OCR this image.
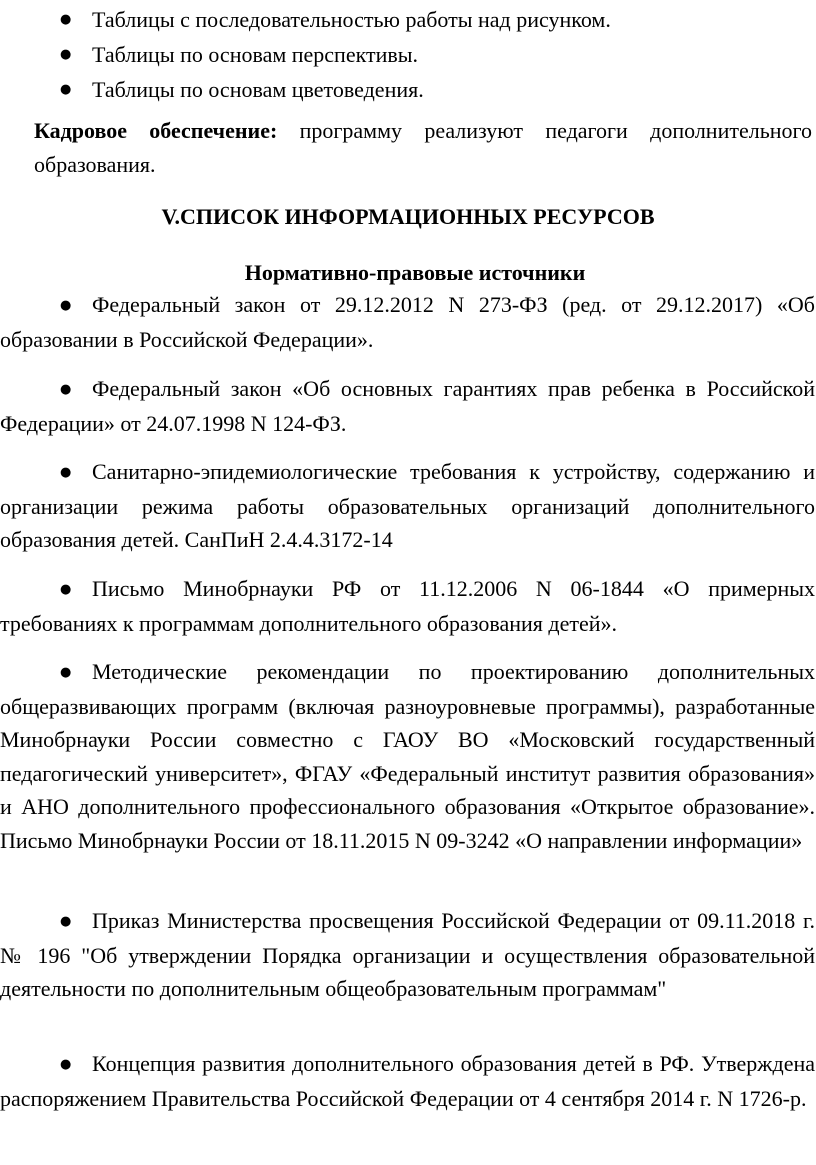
● Таблицы с последовательностью работы над рисунком.
● Таблицы по основам перспективы.
● Таблицы по основам цветоведения.
Кадровое обеспечение: программу реализуют педагоги дополнительного образования.
V.СПИСОК ИНФОРМАЦИОННЫХ РЕСУРСОВ
Нормативно-правовые источники
● Федеральный закон от 29.12.2012 N 273-ФЗ (ред. от 29.12.2017) «Об образовании в Российской Федерации».
● Федеральный закон «Об основных гарантиях прав ребенка в Российской Федерации» от 24.07.1998 N 124-ФЗ.
● Санитарно-эпидемиологические требования к устройству, содержанию и организации режима работы образовательных организаций дополнительного образования детей. СанПиН 2.4.4.3172-14
● Письмо Минобрнауки РФ от 11.12.2006 N 06-1844 «О примерных требованиях к программам дополнительного образования детей».
● Методические рекомендации по проектированию дополнительных общеразвивающих программ (включая разноуровневые программы), разработанные Минобрнауки России совместно с ГАОУ ВО «Московский государственный педагогический университет», ФГАУ «Федеральный институт развития образования» и АНО дополнительного профессионального образования «Открытое образование». Письмо Минобрнауки России от 18.11.2015 N 09-3242 «О направлении информации»
● Приказ Министерства просвещения Российской Федерации от 09.11.2018 г. № 196 "Об утверждении Порядка организации и осуществления образовательной деятельности по дополнительным общеобразовательным программам"
● Концепция развития дополнительного образования детей в РФ. Утверждена распоряжением Правительства Российской Федерации от 4 сентября 2014 г. N 1726-р.
